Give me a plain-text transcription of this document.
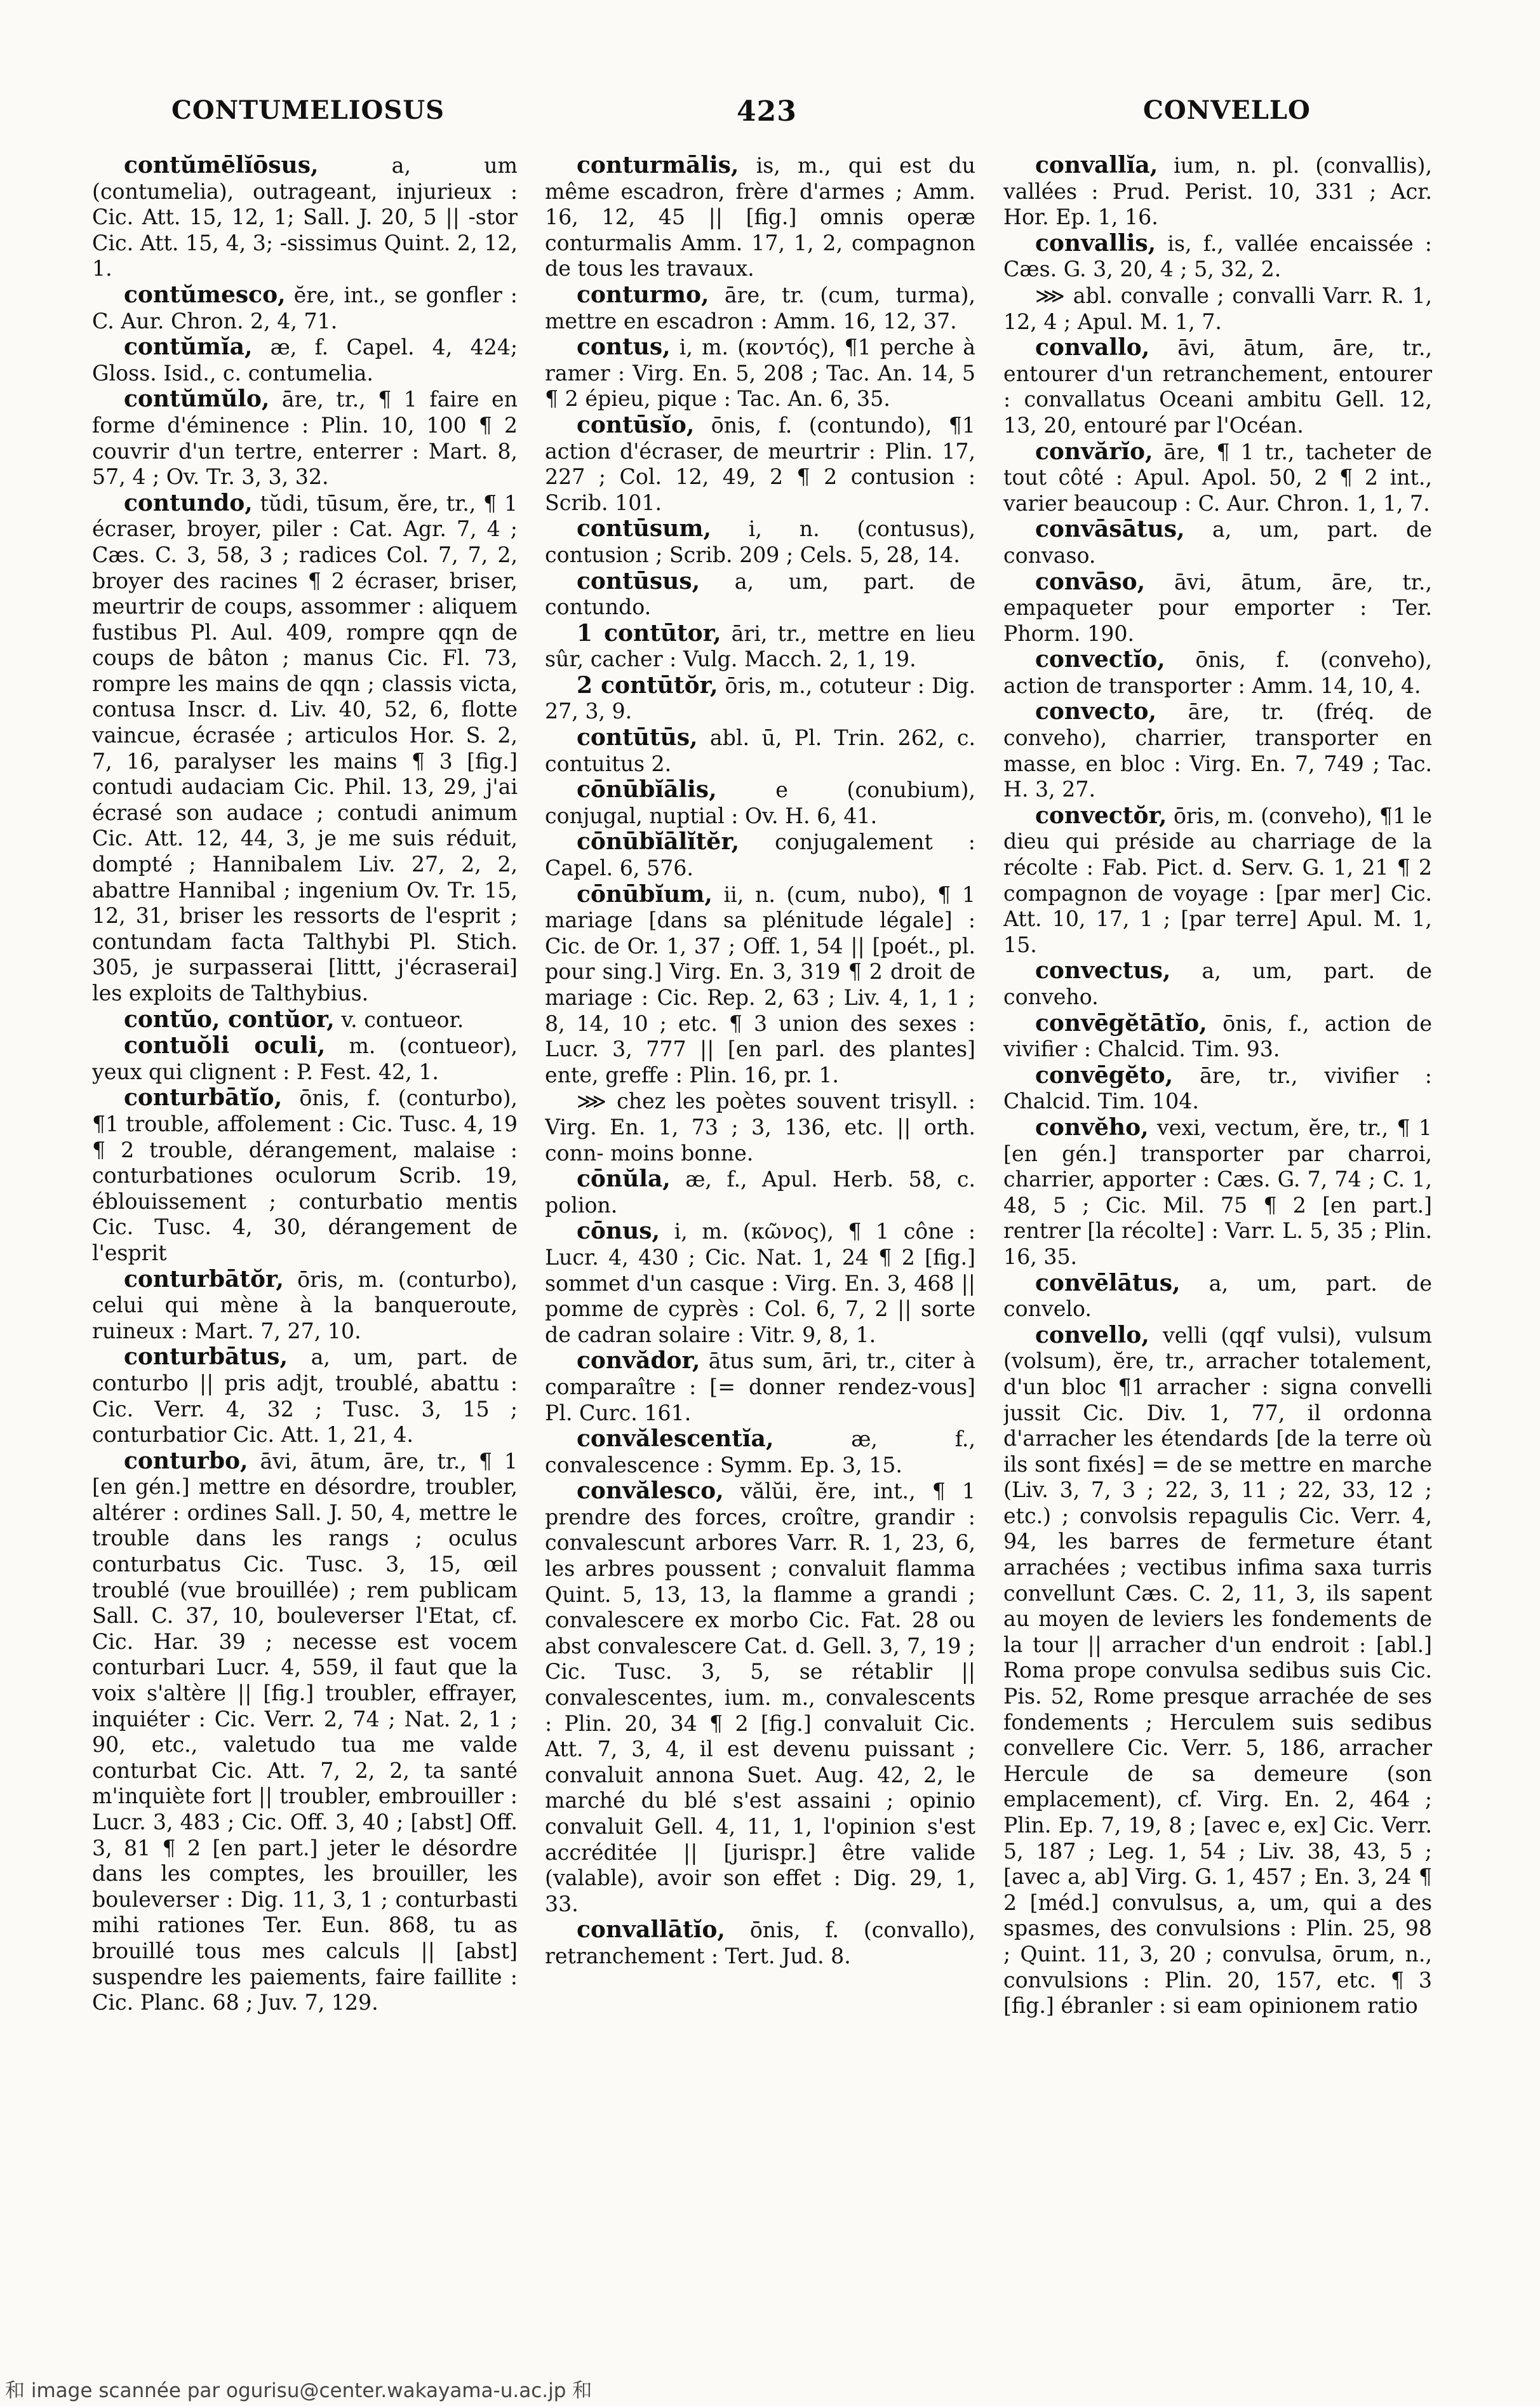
CONTUMELIOSUS	423	CONVELLO

contŭmēlĭōsus, a, um (contumelia), outrageant, injurieux : Cic. Att. 15, 12, 1; Sall. J. 20, 5 || -stor Cic. Att. 15, 4, 3; -sissimus Quint. 2, 12, 1.

contŭmesco, ĕre, int., se gonfler : C. Aur. Chron. 2, 4, 71.

contŭmĭa, æ, f. Capel. 4, 424; Gloss. Isid., c. contumelia.

contŭmŭlo, āre, tr., ¶ 1 faire en forme d'éminence : Plin. 10, 100 ¶ 2 couvrir d'un tertre, enterrer : Mart. 8, 57, 4 ; Ov. Tr. 3, 3, 32.

contundo, tŭdi, tūsum, ĕre, tr., ¶ 1 écraser, broyer, piler : Cat. Agr. 7, 4 ; Cæs. C. 3, 58, 3 ; radices Col. 7, 7, 2, broyer des racines ¶ 2 écraser, briser, meurtrir de coups, assommer : aliquem fustibus Pl. Aul. 409, rompre qqn de coups de bâton ; manus Cic. Fl. 73, rompre les mains de qqn ; classis victa, contusa Inscr. d. Liv. 40, 52, 6, flotte vaincue, écrasée ; articulos Hor. S. 2, 7, 16, paralyser les mains ¶ 3 [fig.] contudi audaciam Cic. Phil. 13, 29, j'ai écrasé son audace ; contudi animum Cic. Att. 12, 44, 3, je me suis réduit, dompté ; Hannibalem Liv. 27, 2, 2, abattre Hannibal ; ingenium Ov. Tr. 15, 12, 31, briser les ressorts de l'esprit ; contundam facta Talthybi Pl. Stich. 305, je surpasserai [littt, j'écraserai] les exploits de Talthybius.

contŭo, contŭor, v. contueor.

contuŏli oculi, m. (contueor), yeux qui clignent : P. Fest. 42, 1.

conturbātĭo, ōnis, f. (conturbo), ¶1 trouble, affolement : Cic. Tusc. 4, 19 ¶ 2 trouble, dérangement, malaise : conturbationes oculorum Scrib. 19, éblouissement ; conturbatio mentis Cic. Tusc. 4, 30, dérangement de l'esprit

conturbātŏr, ōris, m. (conturbo), celui qui mène à la banqueroute, ruineux : Mart. 7, 27, 10.

conturbātus, a, um, part. de conturbo || pris adjt, troublé, abattu : Cic. Verr. 4, 32 ; Tusc. 3, 15 ; conturbatior Cic. Att. 1, 21, 4.

conturbo, āvi, ātum, āre, tr., ¶ 1 [en gén.] mettre en désordre, troubler, altérer : ordines Sall. J. 50, 4, mettre le trouble dans les rangs ; oculus conturbatus Cic. Tusc. 3, 15, œil troublé (vue brouillée) ; rem publicam Sall. C. 37, 10, bouleverser l'Etat, cf. Cic. Har. 39 ; necesse est vocem conturbari Lucr. 4, 559, il faut que la voix s'altère || [fig.] troubler, effrayer, inquiéter : Cic. Verr. 2, 74 ; Nat. 2, 1 ; 90, etc., valetudo tua me valde conturbat Cic. Att. 7, 2, 2, ta santé m'inquiète fort || troubler, embrouiller : Lucr. 3, 483 ; Cic. Off. 3, 40 ; [abst] Off. 3, 81 ¶ 2 [en part.] jeter le désordre dans les comptes, les brouiller, les bouleverser : Dig. 11, 3, 1 ; conturbasti mihi rationes Ter. Eun. 868, tu as brouillé tous mes calculs || [abst] suspendre les paiements, faire faillite : Cic. Planc. 68 ; Juv. 7, 129.

conturmālis, is, m., qui est du même escadron, frère d'armes ; Amm. 16, 12, 45 || [fig.] omnis operæ conturmalis Amm. 17, 1, 2, compagnon de tous les travaux.

conturmo, āre, tr. (cum, turma), mettre en escadron : Amm. 16, 12, 37.

contus, i, m. (κοντός), ¶1 perche à ramer : Virg. En. 5, 208 ; Tac. An. 14, 5 ¶ 2 épieu, pique : Tac. An. 6, 35.

contūsĭo, ōnis, f. (contundo), ¶1 action d'écraser, de meurtrir : Plin. 17, 227 ; Col. 12, 49, 2 ¶ 2 contusion : Scrib. 101.

contūsum, i, n. (contusus), contusion ; Scrib. 209 ; Cels. 5, 28, 14.

contūsus, a, um, part. de contundo.

1 contūtor, āri, tr., mettre en lieu sûr, cacher : Vulg. Macch. 2, 1, 19.

2 contūtŏr, ōris, m., cotuteur : Dig. 27, 3, 9.

contūtūs, abl. ū, Pl. Trin. 262, c. contuitus 2.

cōnūbĭālis, e (conubium), conjugal, nuptial : Ov. H. 6, 41.

cōnūbĭālĭtĕr, conjugalement : Capel. 6, 576.

cōnūbĭum, ii, n. (cum, nubo), ¶ 1 mariage [dans sa plénitude légale] : Cic. de Or. 1, 37 ; Off. 1, 54 || [poét., pl. pour sing.] Virg. En. 3, 319 ¶ 2 droit de mariage : Cic. Rep. 2, 63 ; Liv. 4, 1, 1 ; 8, 14, 10 ; etc. ¶ 3 union des sexes : Lucr. 3, 777 || [en parl. des plantes] ente, greffe : Plin. 16, pr. 1.

⋙ chez les poètes souvent trisyll. : Virg. En. 1, 73 ; 3, 136, etc. || orth. conn- moins bonne.

cōnŭla, æ, f., Apul. Herb. 58, c. polion.

cōnus, i, m. (κῶνος), ¶ 1 cône : Lucr. 4, 430 ; Cic. Nat. 1, 24 ¶ 2 [fig.] sommet d'un casque : Virg. En. 3, 468 || pomme de cyprès : Col. 6, 7, 2 || sorte de cadran solaire : Vitr. 9, 8, 1.

convădor, ātus sum, āri, tr., citer à comparaître : [= donner rendez-vous] Pl. Curc. 161.

convălescentĭa, æ, f., convalescence : Symm. Ep. 3, 15.

convălesco, vălŭi, ĕre, int., ¶ 1 prendre des forces, croître, grandir : convalescunt arbores Varr. R. 1, 23, 6, les arbres poussent ; convaluit flamma Quint. 5, 13, 13, la flamme a grandi ; convalescere ex morbo Cic. Fat. 28 ou abst convalescere Cat. d. Gell. 3, 7, 19 ; Cic. Tusc. 3, 5, se rétablir || convalescentes, ium. m., convalescents : Plin. 20, 34 ¶ 2 [fig.] convaluit Cic. Att. 7, 3, 4, il est devenu puissant ; convaluit annona Suet. Aug. 42, 2, le marché du blé s'est assaini ; opinio convaluit Gell. 4, 11, 1, l'opinion s'est accréditée || [jurispr.] être valide (valable), avoir son effet : Dig. 29, 1, 33.

convallātĭo, ōnis, f. (convallo), retranchement : Tert. Jud. 8.

convallĭa, ium, n. pl. (convallis), vallées : Prud. Perist. 10, 331 ; Acr. Hor. Ep. 1, 16.

convallis, is, f., vallée encaissée : Cæs. G. 3, 20, 4 ; 5, 32, 2.

⋙ abl. convalle ; convalli Varr. R. 1, 12, 4 ; Apul. M. 1, 7.

convallo, āvi, ātum, āre, tr., entourer d'un retranchement, entourer : convallatus Oceani ambitu Gell. 12, 13, 20, entouré par l'Océan.

convărĭo, āre, ¶ 1 tr., tacheter de tout côté : Apul. Apol. 50, 2 ¶ 2 int., varier beaucoup : C. Aur. Chron. 1, 1, 7.

convāsātus, a, um, part. de convaso.

convāso, āvi, ātum, āre, tr., empaqueter pour emporter : Ter. Phorm. 190.

convectĭo, ōnis, f. (conveho), action de transporter : Amm. 14, 10, 4.

convecto, āre, tr. (fréq. de conveho), charrier, transporter en masse, en bloc : Virg. En. 7, 749 ; Tac. H. 3, 27.

convectŏr, ōris, m. (conveho), ¶1 le dieu qui préside au charriage de la récolte : Fab. Pict. d. Serv. G. 1, 21 ¶ 2 compagnon de voyage : [par mer] Cic. Att. 10, 17, 1 ; [par terre] Apul. M. 1, 15.

convectus, a, um, part. de conveho.

convēgĕtātĭo, ōnis, f., action de vivifier : Chalcid. Tim. 93.

convēgĕto, āre, tr., vivifier : Chalcid. Tim. 104.

convĕho, vexi, vectum, ĕre, tr., ¶ 1 [en gén.] transporter par charroi, charrier, apporter : Cæs. G. 7, 74 ; C. 1, 48, 5 ; Cic. Mil. 75 ¶ 2 [en part.] rentrer [la récolte] : Varr. L. 5, 35 ; Plin. 16, 35.

convēlātus, a, um, part. de convelo.

convello, velli (qqf vulsi), vulsum (volsum), ĕre, tr., arracher totalement, d'un bloc ¶1 arracher : signa convelli jussit Cic. Div. 1, 77, il ordonna d'arracher les étendards [de la terre où ils sont fixés] = de se mettre en marche (Liv. 3, 7, 3 ; 22, 3, 11 ; 22, 33, 12 ; etc.) ; convolsis repagulis Cic. Verr. 4, 94, les barres de fermeture étant arrachées ; vectibus infima saxa turris convellunt Cæs. C. 2, 11, 3, ils sapent au moyen de leviers les fondements de la tour || arracher d'un endroit : [abl.] Roma prope convulsa sedibus suis Cic. Pis. 52, Rome presque arrachée de ses fondements ; Herculem suis sedibus convellere Cic. Verr. 5, 186, arracher Hercule de sa demeure (son emplacement), cf. Virg. En. 2, 464 ; Plin. Ep. 7, 19, 8 ; [avec e, ex] Cic. Verr. 5, 187 ; Leg. 1, 54 ; Liv. 38, 43, 5 ; [avec a, ab] Virg. G. 1, 457 ; En. 3, 24 ¶ 2 [méd.] convulsus, a, um, qui a des spasmes, des convulsions : Plin. 25, 98 ; Quint. 11, 3, 20 ; convulsa, ōrum, n., convulsions : Plin. 20, 157, etc. ¶ 3 [fig.] ébranler : si eam opinionem ratio

和 image scannée par ogurisu@center.wakayama-u.ac.jp 和
